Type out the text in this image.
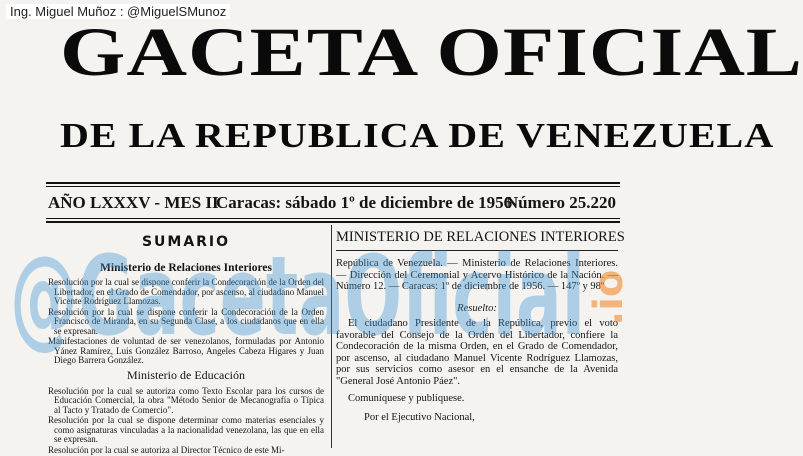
Ing. Miguel Muñoz : @MiguelSMunoz
GACETA OFICIAL
DE LA REPUBLICA DE VENEZUELA
AÑO LXXXV - MES II
Caracas: sábado 1º de diciembre de 1956
Número 25.220
SUMARIO
Ministerio de Relaciones Interiores

Resolución por la cual se dispone conferir la Condecoración de la Orden del Libertador, en el Grado de Comendador, por ascenso, al ciudadano Manuel Vicente Rodríguez Llamozas.

Resolución por la cual se dispone conferir la Condecoración de la Orden Francisco de Miranda, en su Segunda Clase, a los ciudadanos que en ella se expresan.

Manifestaciones de voluntad de ser venezolanos, formuladas por Antonio Yánez Ramírez, Luis González Barroso, Angeles Cabeza Higares y Juan Diego Barrera González.

Ministerio de Educación

Resolución por la cual se autoriza como Texto Escolar para los cursos de Educación Comercial, la obra "Método Senior de Mecanografía o Típica al Tacto y Tratado de Comercio".

Resolución por la cual se dispone determinar como materias esenciales y como asignaturas vinculadas a la nacionalidad venezolana, las que en ella se expresan.

Resolución por la cual se autoriza al Director Técnico de este Mi-

MINISTERIO DE RELACIONES INTERIORES

República de Venezuela. — Ministerio de Relaciones Interiores. — Dirección del Ceremonial y Acervo Histórico de la Nación. — Número 12. — Caracas: 1º de diciembre de 1956. — 147º y 98º

Resuelto:

El ciudadano Presidente de la República, previo el voto favorable del Consejo de la Orden del Libertador, confiere la Condecoración de la misma Orden, en el Grado de Comendador, por ascenso, al ciudadano Manuel Vicente Rodríguez Llamozas, por sus servicios como asesor en el ensanche de la Avenida "General José Antonio Páez".

Comuníquese y publíquese.
Por el Ejecutivo Nacional,
@GacetaOficial .io
